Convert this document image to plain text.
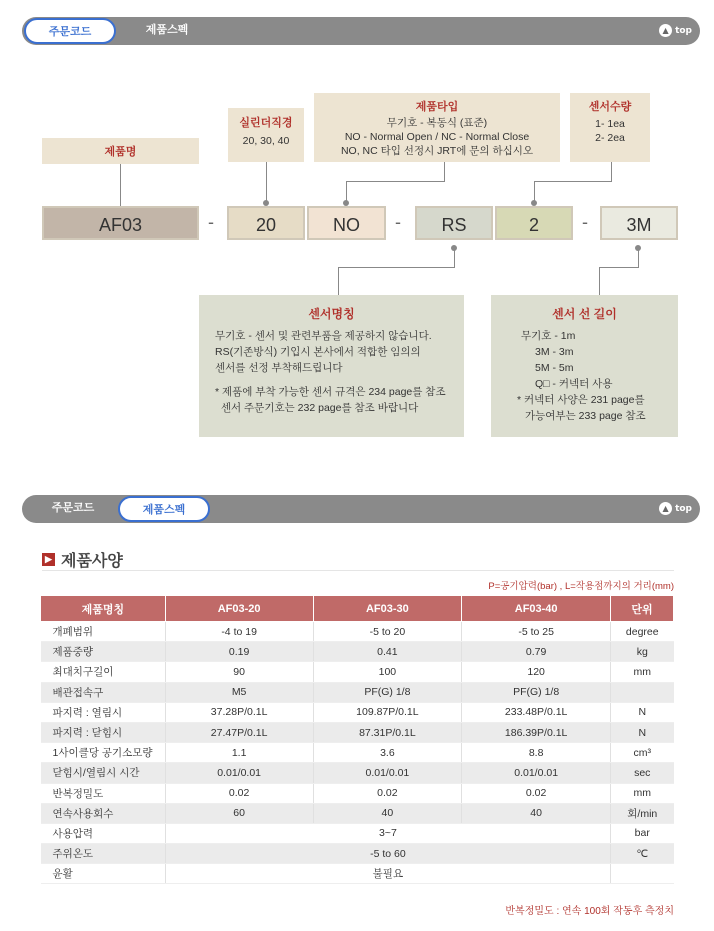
주문코드	제품스펙	▲ top
제품명
실린더직경
20, 30, 40
제품타입
무기호 - 복동식 (표준)
NO - Normal Open / NC - Normal Close
NO, NC 타입 선정시 JRT에 문의 하십시오
센서수량
1- 1ea
2- 2ea
AF03	-	20	NO	-	RS	2	-	3M
센서명칭
무기호 - 센서 및 관련부품을 제공하지 않습니다.
RS(기존방식) 기입시 본사에서 적합한 임의의
센서를 선정 부착해드립니다
* 제품에 부착 가능한 센서 규격은 234 page를 참조
센서 주문기호는 232 page를 참조 바랍니다
센서 선 길이
무기호 - 1m
3M - 3m
5M - 5m
Q□ - 커넥터 사용
* 커넥터 사양은 231 page를
가능여부는 233 page 참조
주문코드	제품스펙	▲ top
▶ 제품사양
P=공기압력(bar) , L=작용점까지의 거리(mm)
제품명칭	AF03-20	AF03-30	AF03-40	단위
개폐범위	-4 to 19	-5 to 20	-5 to 25	degree
제품중량	0.19	0.41	0.79	kg
최대치구길이	90	100	120	mm
배관접속구	M5	PF(G) 1/8	PF(G) 1/8	
파지력 : 열림시	37.28P/0.1L	109.87P/0.1L	233.48P/0.1L	N
파지력 : 닫힘시	27.47P/0.1L	87.31P/0.1L	186.39P/0.1L	N
1사이클당 공기소모량	1.1	3.6	8.8	cm³
닫힘시/열림시 시간	0.01/0.01	0.01/0.01	0.01/0.01	sec
반복정밀도	0.02	0.02	0.02	mm
연속사용회수	60	40	40	회/min
사용압력	3~7			bar
주위온도	-5 to 60			℃
윤활	불필요			
반복정밀도 : 연속 100회 작동후 측정치
